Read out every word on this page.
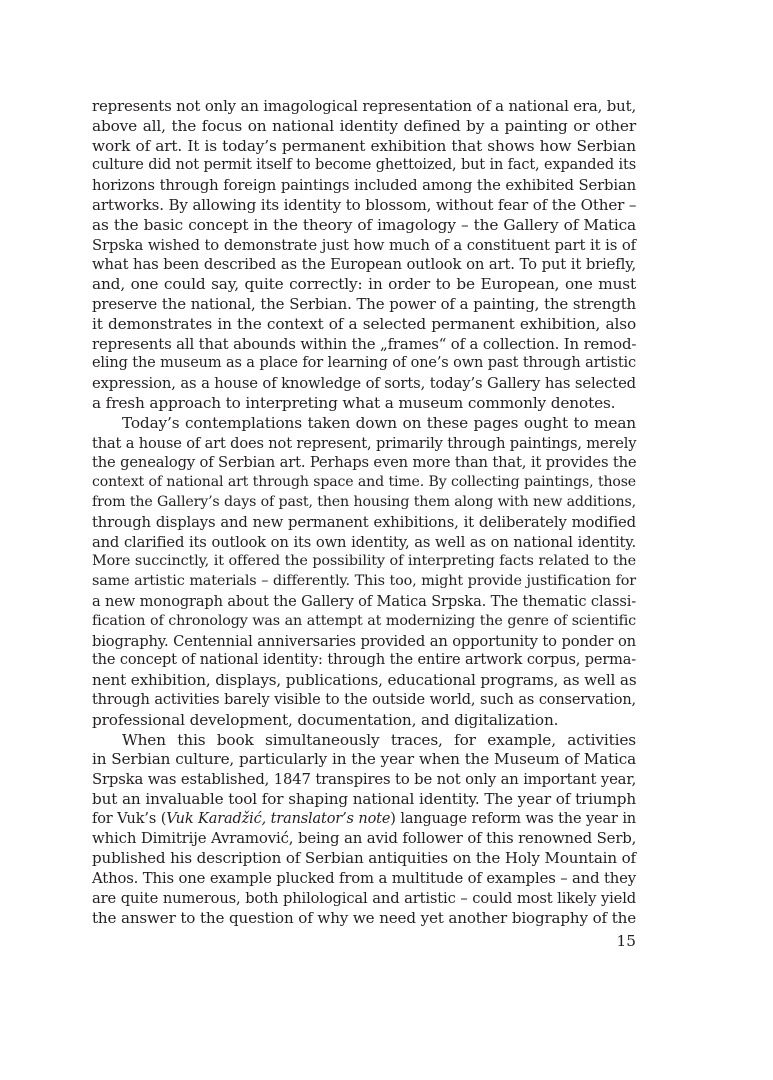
represents not only an imagological representation of a national era, but,
above all, the focus on national identity defined by a painting or other
work of art. It is today’s permanent exhibition that shows how Serbian
culture did not permit itself to become ghettoized, but in fact, expanded its
horizons through foreign paintings included among the exhibited Serbian
artworks. By allowing its identity to blossom, without fear of the Other –
as the basic concept in the theory of imagology – the Gallery of Matica
Srpska wished to demonstrate just how much of a constituent part it is of
what has been described as the European outlook on art. To put it briefly,
and, one could say, quite correctly: in order to be European, one must
preserve the national, the Serbian. The power of a painting, the strength
it demonstrates in the context of a selected permanent exhibition, also
represents all that abounds within the „frames“ of a collection. In remod-
eling the museum as a place for learning of one’s own past through artistic
expression, as a house of knowledge of sorts, today’s Gallery has selected
a fresh approach to interpreting what a museum commonly denotes.
Today’s contemplations taken down on these pages ought to mean
that a house of art does not represent, primarily through paintings, merely
the genealogy of Serbian art. Perhaps even more than that, it provides the
context of national art through space and time. By collecting paintings, those
from the Gallery’s days of past, then housing them along with new additions,
through displays and new permanent exhibitions, it deliberately modified
and clarified its outlook on its own identity, as well as on national identity.
More succinctly, it offered the possibility of interpreting facts related to the
same artistic materials – differently. This too, might provide justification for
a new monograph about the Gallery of Matica Srpska. The thematic classi-
fication of chronology was an attempt at modernizing the genre of scientific
biography. Centennial anniversaries provided an opportunity to ponder on
the concept of national identity: through the entire artwork corpus, perma-
nent exhibition, displays, publications, educational programs, as well as
through activities barely visible to the outside world, such as conservation,
professional development, documentation, and digitalization.
When this book simultaneously traces, for example, activities
in Serbian culture, particularly in the year when the Museum of Matica
Srpska was established, 1847 transpires to be not only an important year,
but an invaluable tool for shaping national identity. The year of triumph
for Vuk’s (Vuk Karadžić, translator’s note) language reform was the year in
which Dimitrije Avramović, being an avid follower of this renowned Serb,
published his description of Serbian antiquities on the Holy Mountain of
Athos. This one example plucked from a multitude of examples – and they
are quite numerous, both philological and artistic – could most likely yield
the answer to the question of why we need yet another biography of the
15
